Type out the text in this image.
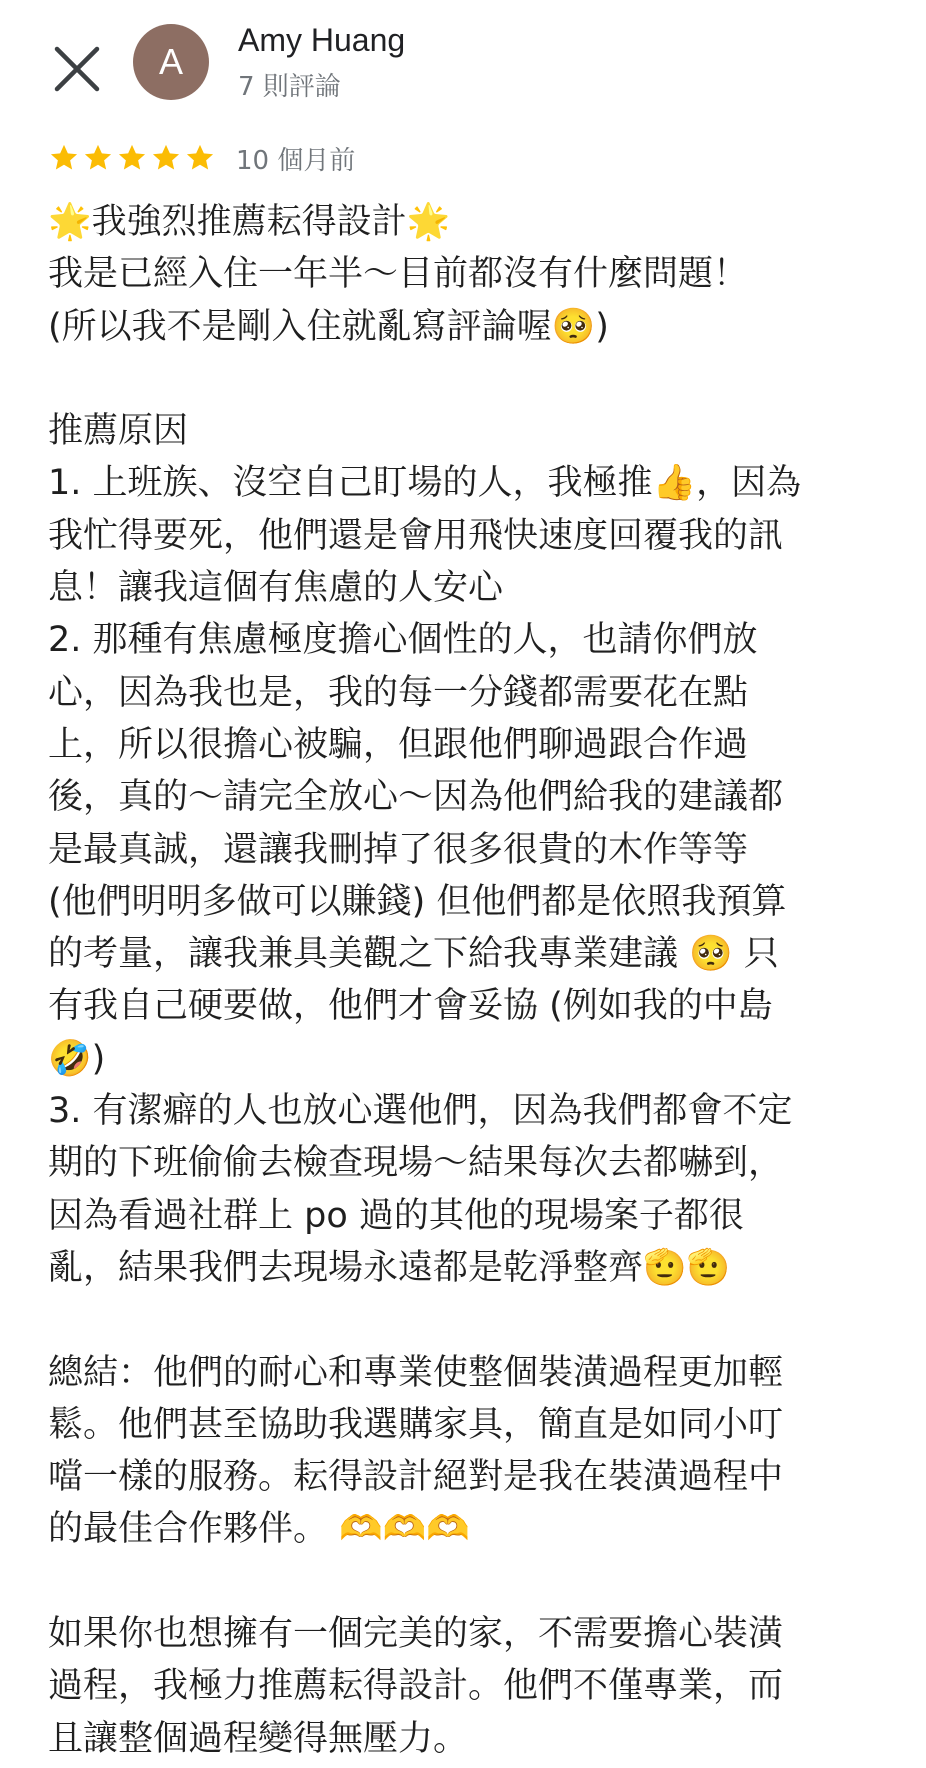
A
Amy Huang
7 則評論
10 個月前
🌟我強烈推薦耘得設計🌟
我是已經入住一年半～目前都沒有什麼問題！
(所以我不是剛入住就亂寫評論喔🥺)
推薦原因
1. 上班族、沒空自己盯場的人，我極推👍，因為
我忙得要死，他們還是會用飛快速度回覆我的訊
息！讓我這個有焦慮的人安心
2. 那種有焦慮極度擔心個性的人，也請你們放
心，因為我也是，我的每一分錢都需要花在點
上，所以很擔心被騙，但跟他們聊過跟合作過
後，真的～請完全放心～因為他們給我的建議都
是最真誠，還讓我刪掉了很多很貴的木作等等
(他們明明多做可以賺錢) 但他們都是依照我預算
的考量，讓我兼具美觀之下給我專業建議 🥺 只
有我自己硬要做，他們才會妥協 (例如我的中島
🤣)
3. 有潔癖的人也放心選他們，因為我們都會不定
期的下班偷偷去檢查現場～結果每次去都嚇到，
因為看過社群上 po 過的其他的現場案子都很
亂，結果我們去現場永遠都是乾淨整齊🫡🫡
總結：他們的耐心和專業使整個裝潢過程更加輕
鬆。他們甚至協助我選購家具，簡直是如同小叮
噹一樣的服務。耘得設計絕對是我在裝潢過程中
的最佳合作夥伴。 🫶🫶🫶
如果你也想擁有一個完美的家，不需要擔心裝潢
過程，我極力推薦耘得設計。他們不僅專業，而
且讓整個過程變得無壓力。
